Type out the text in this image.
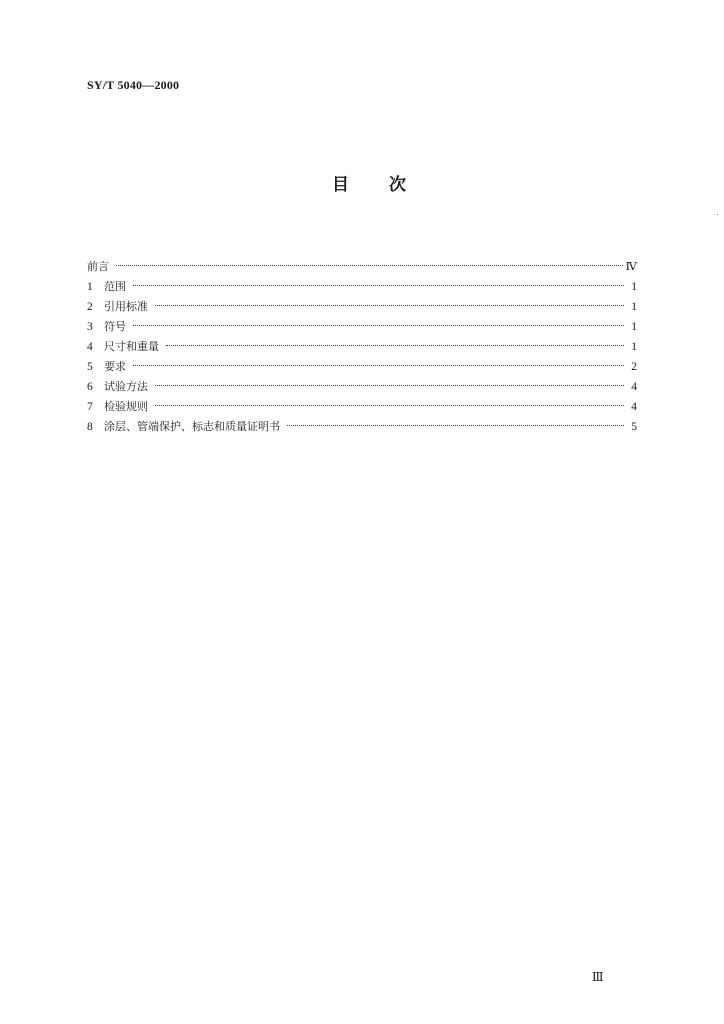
SY/T 5040—2000
目 次
前言	Ⅳ
1	范围	1
2	引用标准	1
3	符号	1
4	尺寸和重量	1
5	要求	2
6	试验方法	4
7	检验规则	4
8	涂层、管端保护、标志和质量证明书	5
Ⅲ
